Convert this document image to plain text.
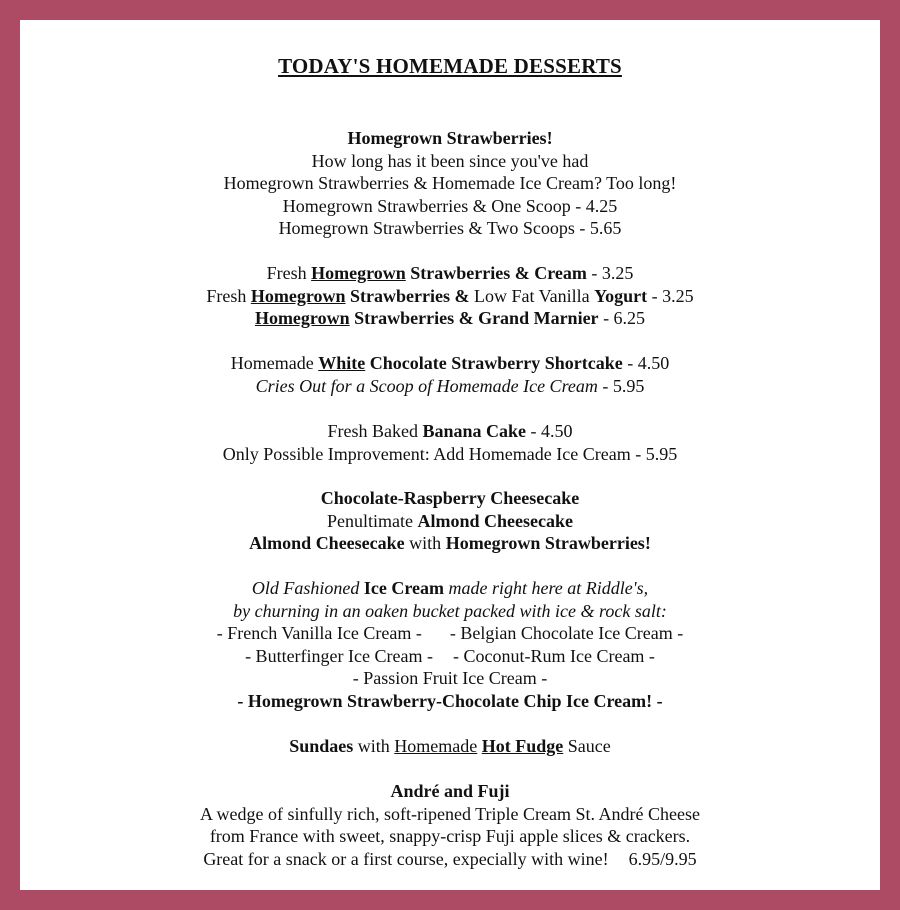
TODAY'S HOMEMADE DESSERTS
Homegrown Strawberries!
How long has it been since you've had
Homegrown Strawberries & Homemade Ice Cream? Too long!
Homegrown Strawberries & One Scoop - 4.25
Homegrown Strawberries & Two Scoops - 5.65
Fresh Homegrown Strawberries & Cream - 3.25
Fresh Homegrown Strawberries & Low Fat Vanilla Yogurt - 3.25
Homegrown Strawberries & Grand Marnier - 6.25
Homemade White Chocolate Strawberry Shortcake - 4.50
Cries Out for a Scoop of Homemade Ice Cream - 5.95
Fresh Baked Banana Cake - 4.50
Only Possible Improvement: Add Homemade Ice Cream - 5.95
Chocolate-Raspberry Cheesecake
Penultimate Almond Cheesecake
Almond Cheesecake with Homegrown Strawberries!
Old Fashioned Ice Cream made right here at Riddle's,
by churning in an oaken bucket packed with ice & rock salt:
- French Vanilla Ice Cream - - Belgian Chocolate Ice Cream -
- Butterfinger Ice Cream - - Coconut-Rum Ice Cream -
- Passion Fruit Ice Cream -
- Homegrown Strawberry-Chocolate Chip Ice Cream! -
Sundaes with Homemade Hot Fudge Sauce
André and Fuji
A wedge of sinfully rich, soft-ripened Triple Cream St. André Cheese
from France with sweet, snappy-crisp Fuji apple slices & crackers.
Great for a snack or a first course, expecially with wine! 6.95/9.95
